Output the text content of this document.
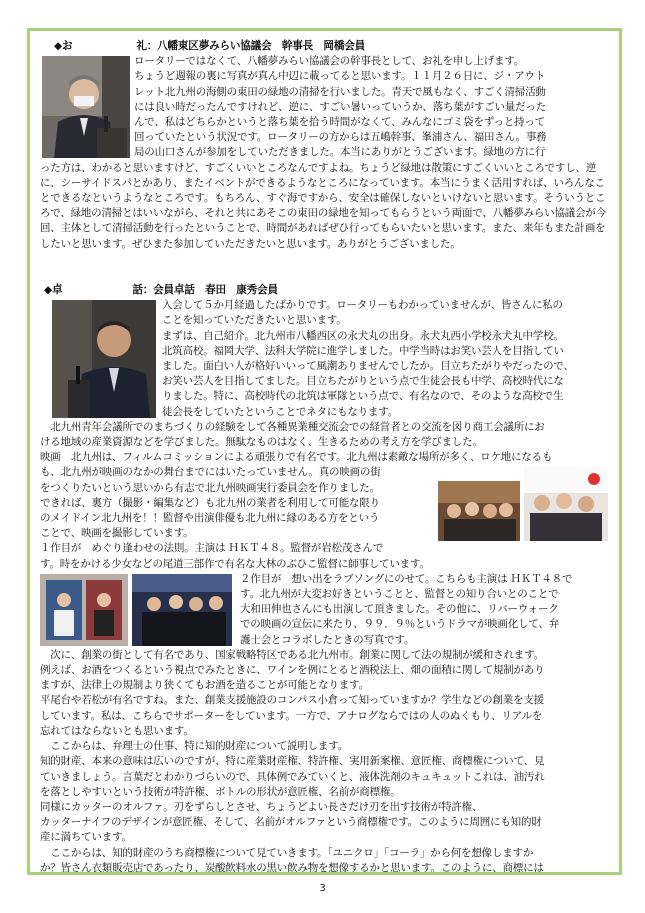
◆お	礼：八幡東区夢みらい協議会　幹事長　岡橋会員

ロータリーではなくて、八幡夢みらい協議会の幹事長として、お礼を申し上げます。

ちょうど週報の裏に写真が真ん中辺に載ってると思います。１１月２６日に、ジ・アウト

レット北九州の海側の東田の緑地の清掃を行いました。青天で風もなく、すごく清掃活動

には良い時だったんですけれど、逆に、すごい暑いっていうか、落ち葉がすごい量だった

んで、私はどちらかというと落ち葉を拾う時間がなくて、みんなにゴミ袋をずっと持って

回っていたという状況です。ロータリーの方からは五嶋幹事、峯浦さん、福田さん。事務

局の山口さんが参加をしていただきました。本当にありがとうございます。緑地の方に行

った方は、わかると思いますけど、すごくいいところなんですよね。ちょうど緑地は散策にすごくいいところですし、逆に、シーサイドスパとかあり、またイベントができるようなところになっています。本当にうまく活用すれば、いろんなことできるなというようなところです。もちろん、すぐ海ですから、安全は確保しないといけないと思います。そういうところで、緑地の清掃とはいいながら、それと共にあそこの東田の緑地を知ってもらうという両面で、八幡夢みらい協議会が今回、主体として清掃活動を行ったということで、時間があればぜひ行ってもらいたいと思います。また、来年もまた計画をしたいと思います。ぜひまた参加していただきたいと思います。ありがとうございました。

◆卓	話：会員卓話　春田　康秀会員

入会して５か月経過したばかりです。ロータリーもわかっていませんが、皆さんに私の

ことを知っていただきたいと思います。

まずは、自己紹介。北九州市八幡西区の永犬丸の出身。永犬丸西小学校永犬丸中学校。

北筑高校。福岡大学、法科大学院に進学しました。中学当時はお笑い芸人を目指してい

ました。面白い人が格好いいって風潮ありませんでしたか。目立ちたがりやだったので、

お笑い芸人を目指してました。目立ちたがりという点で生徒会長も中学、高校時代にな

りました。特に、高校時代の北筑は軍隊という点で、有名なので、そのような高校で生

徒会長をしていたということでネタにもなります。

　北九州青年会議所でのまちづくりの経験をして各種異業種交流会での経営者との交流を図り商工会議所にお

ける地域の産業資源などを学びました。無駄なものはなく、生きるための考え方を学びました。

映画　北九州は、フィルムコミッションによる頑張りで有名です。北九州は素敵な場所が多く、ロケ地になるも

も、北九州が映画のなかの舞台までにはいたっていません。真の映画の街

をつくりたいという思いから有志で北九州映画実行委員会を作りました。

できれば、裏方（撮影・編集など）も北九州の業者を利用して可能な限り

のメイドイン北九州を！！監督や出演俳優も北九州に縁のある方をという

ことで、映画を撮影しています。

１作目が　めぐり逢わせの法則。主演は ＨＫＴ４８。監督が岩松茂さんで

す。時をかける少女などの尾道三部作で有名な大林のぶひこ監督に師事しています。

２作目が　想い出をラブソングにのせて。こちらも主演は ＨＫＴ４８で

す。北九州が大変お好きということと、監督との知り合いとのことで

大和田伸也さんにも出演して頂きました。その他に、リバーウォーク

での映画の宣伝に来たり、９９．９％というドラマが映画化して、弁

護士会とコラボしたときの写真です。

　次に、創業の街として有名であり、国家戦略特区である北九州市。創業に関して法の規制が緩和されます。

例えば、お酒をつくるという視点でみたときに、ワインを例にとると酒税法上、畑の面積に関して規制があり

ますが、法律上の規制より狭くてもお酒を造ることが可能となります。

平尾台や若松が有名ですね。また、創業支援施設のコンパス小倉って知っていますか？学生などの創業を支援

しています。私は、こちらでサポーターをしています。一方で、アナログならではの人のぬくもり、リアルを

忘れてはならないとも思います。

　ここからは、弁理士の仕事、特に知的財産について説明します。

知的財産、本来の意味は広いのですが、特に産業財産権、特許権、実用新案権、意匠権、商標権について、見

ていきましょう。言葉だとわかりづらいので、具体例でみていくと、液体洗剤のキュキュットこれは、油汚れ

を落としやすいという技術が特許権、ボトルの形状が意匠権、名前が商標権。

同様にカッターのオルファ。刃をずらしとさせ、ちょうどよい長さだけ刃を出す技術が特許権、

カッターナイフのデザインが意匠権、そして、名前がオルファという商標権です。このように周囲にも知的財

産に満ちています。

　ここからは、知的財産のうち商標権について見ていきます。「ユニクロ」「コーラ」から何を想像しますか

か？皆さん衣類販売店であったり、炭酸飲料水の黒い飲み物を想像するかと思います。このように、商標には

3
